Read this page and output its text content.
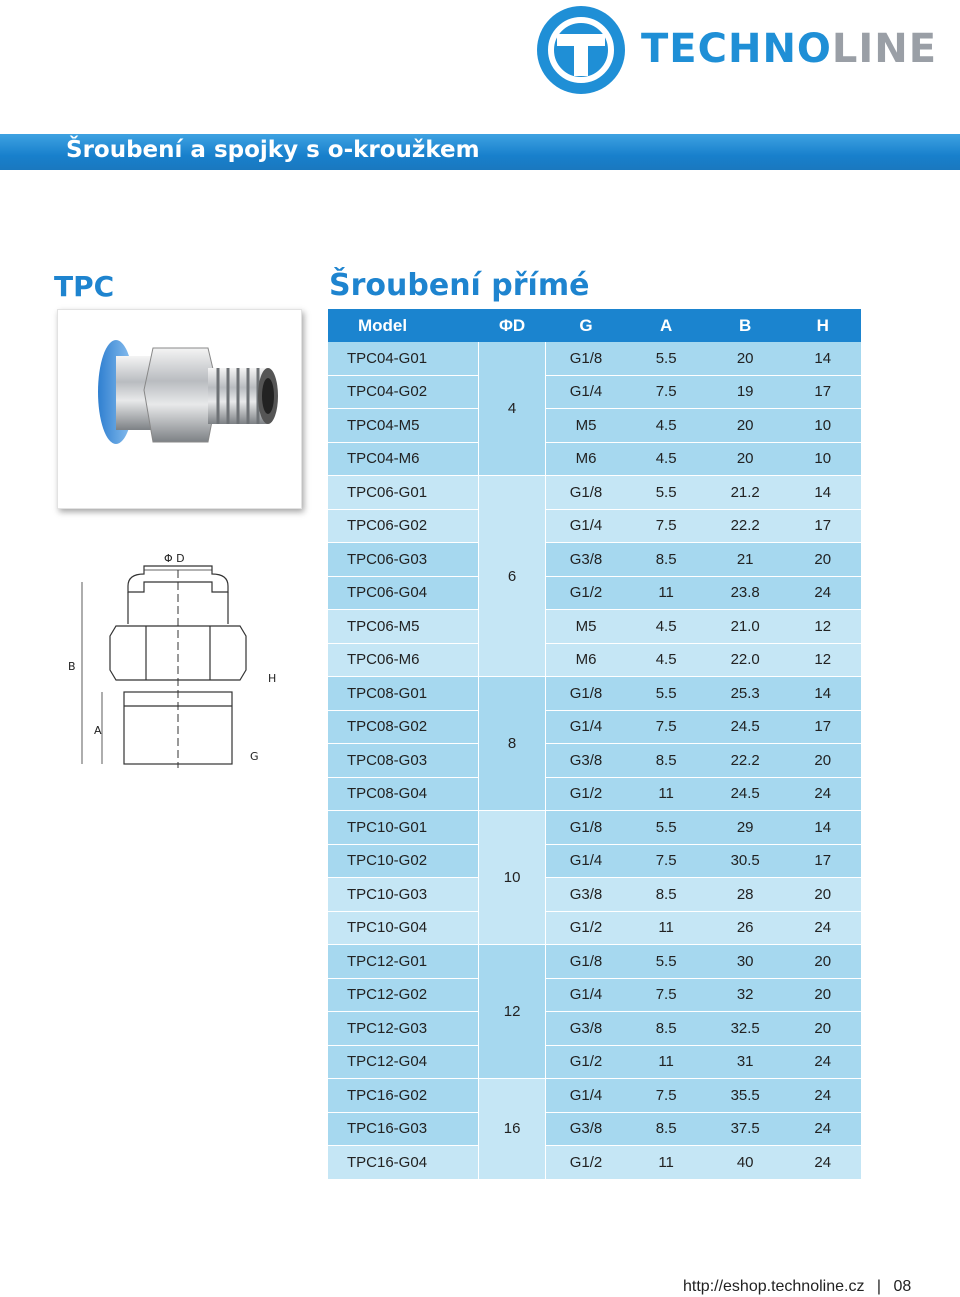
TECHNOLINE
Šroubení a spojky s o-kroužkem
TPC	Šroubení přímé
Φ D
B
A
H
G
Model	ΦD	G	A	B	H
TPC04-G01	4	G1/8	5.5	20	14
TPC04-G02		G1/4	7.5	19	17
TPC04-M5		M5	4.5	20	10
TPC04-M6		M6	4.5	20	10
TPC06-G01	6	G1/8	5.5	21.2	14
TPC06-G02		G1/4	7.5	22.2	17
TPC06-G03		G3/8	8.5	21	20
TPC06-G04		G1/2	11	23.8	24
TPC06-M5		M5	4.5	21.0	12
TPC06-M6		M6	4.5	22.0	12
TPC08-G01	8	G1/8	5.5	25.3	14
TPC08-G02		G1/4	7.5	24.5	17
TPC08-G03		G3/8	8.5	22.2	20
TPC08-G04		G1/2	11	24.5	24
TPC10-G01	10	G1/8	5.5	29	14
TPC10-G02		G1/4	7.5	30.5	17
TPC10-G03		G3/8	8.5	28	20
TPC10-G04		G1/2	11	26	24
TPC12-G01	12	G1/8	5.5	30	20
TPC12-G02		G1/4	7.5	32	20
TPC12-G03		G3/8	8.5	32.5	20
TPC12-G04		G1/2	11	31	24
TPC16-G02	16	G1/4	7.5	35.5	24
TPC16-G03		G3/8	8.5	37.5	24
TPC16-G04		G1/2	11	40	24
http://eshop.technoline.cz | 08
